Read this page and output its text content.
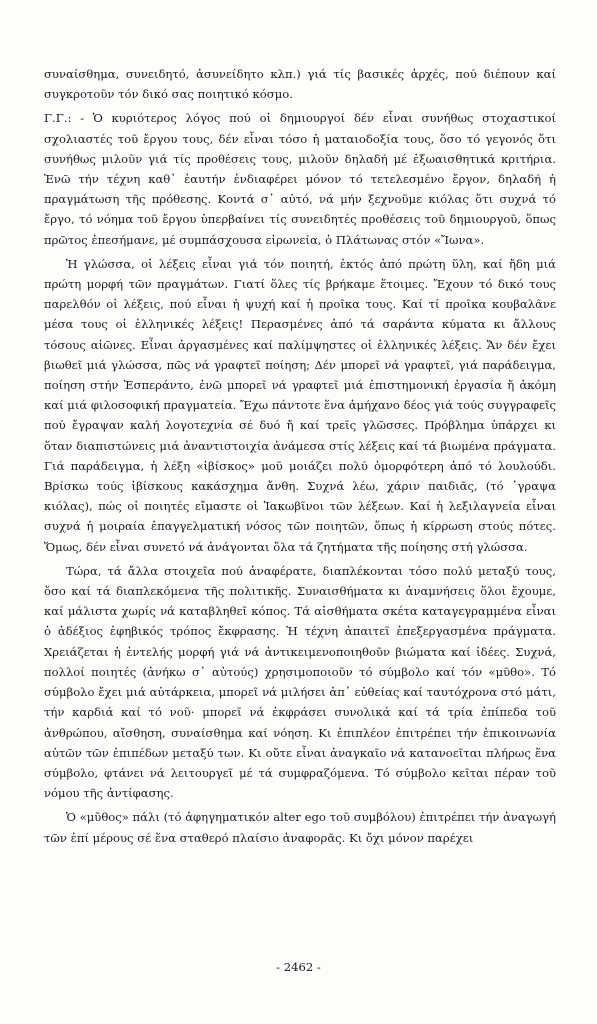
συναίσθημα, συνειδητό, ἀσυνείδητο κλπ.) γιά τίς βασικές ἀρχές, πού διέπουν καί συγκροτοῦν τόν δικό σας ποιητικό κόσμο.

Γ.Γ.: - Ὁ κυριότερος λόγος πού οἱ δημιουργοί δέν εἶναι συνήθως στοχαστικοί σχολιαστές τοῦ ἔργου τους, δέν εἶναι τόσο ἡ ματαιοδοξία τους, ὅσο τό γεγονός ὅτι συνήθως μιλοῦν γιά τίς προθέσεις τους, μιλοῦν δηλαδή μέ ἐξωαισθητικά κριτήρια. Ἐνῶ τήν τέχνη καθ᾿ ἑαυτήν ἐνδιαφέρει μόνον τό τετελεσμένο ἔργον, δηλαδή ἡ πραγμάτωση τῆς πρόθεσης. Κοντά σ᾿ αὐτό, νά μήν ξεχνοῦμε κιόλας ὅτι συχνά τό ἔργο, τό νόημα τοῦ ἔργου ὑπερβαίνει τίς συνειδητές προθέσεις τοῦ δημιουργοῦ, ὅπως πρῶτος ἐπεσήμανε, μέ συμπάσχουσα εἰρωνεία, ὁ Πλάτωνας στόν «Ἴωνα».

Ἡ γλώσσα, οἱ λέξεις εἶναι γιά τόν ποιητή, ἐκτός ἀπό πρώτη ὕλη, καί ἤδη μιά πρώτη μορφή τῶν πραγμάτων. Γιατί ὅλες τίς βρήκαμε ἕτοιμες. Ἔχουν τό δικό τους παρελθόν οἱ λέξεις, πού εἶναι ἡ ψυχή καί ἡ προῖκα τους. Καί τί προῖκα κουβαλᾶνε μέσα τους οἱ ἑλληνικές λέξεις! Περασμένες ἀπό τά σαράντα κύματα κι ἄλλους τόσους αἰῶνες. Εἶναι ἀργασμένες καί παλίμψηστες οἱ ἑλληνικές λέξεις. Ἄν δέν ἔχει βιωθεῖ μιά γλώσσα, πῶς νά γραφτεῖ ποίηση; Δέν μπορεῖ νά γραφτεῖ, γιά παράδειγμα, ποίηση στήν Ἐσπεράντο, ἐνῶ μπορεῖ νά γραφτεῖ μιά ἐπιστημονική ἐργασία ἤ ἀκόμη καί μιά φιλοσοφική πραγματεία. Ἔχω πάντοτε ἕνα ἀμήχανο δέος γιά τούς συγγραφεῖς πού ἔγραψαν καλή λογοτεχνία σέ δυό ἤ καί τρεῖς γλῶσσες. Πρόβλημα ὑπάρχει κι ὅταν διαπιστώνεις μιά ἀναντιστοιχία ἀνάμεσα στίς λέξεις καί τά βιωμένα πράγματα. Γιά παράδειγμα, ἡ λέξη «ἰβίσκος» μοῦ μοιάζει πολύ ὀμορφότερη ἀπό τό λουλούδι. Βρίσκω τούς ἰβίσκους κακάσχημα ἄνθη. Συχνά λέω, χάριν παιδιᾶς, (τό ᾿γραψα κιόλας), πώς οἱ ποιητές εἴμαστε οἱ Ἰακωβῖνοι τῶν λέξεων. Καί ἡ λεξιλαγνεία εἶναι συχνά ἡ μοιραία ἐπαγγελματική νόσος τῶν ποιητῶν, ὅπως ἡ κίρρωση στούς πότες. Ὅμως, δέν εἶναι συνετό νά ἀνάγονται ὅλα τά ζητήματα τῆς ποίησης στή γλώσσα.

Τώρα, τά ἄλλα στοιχεῖα πού ἀναφέρατε, διαπλέκονται τόσο πολύ μεταξύ τους, ὅσο καί τά διαπλεκόμενα τῆς πολιτικῆς. Συναισθήματα κι ἀναμνήσεις ὅλοι ἔχουμε, καί μάλιστα χωρίς νά καταβληθεῖ κόπος. Τά αἰσθήματα σκέτα καταγεγραμμένα εἶναι ὁ ἀδέξιος ἐφηβικός τρόπος ἔκφρασης. Ἡ τέχνη ἀπαιτεῖ ἐπεξεργασμένα πράγματα. Χρειάζεται ἡ ἐντελής μορφή γιά νά ἀντικειμενοποιηθοῦν βιώματα καί ἰδέες. Συχνά, πολλοί ποιητές (ἀνήκω σ᾿ αὐτούς) χρησιμοποιοῦν τό σύμβολο καί τόν «μῦθο». Τό σύμβολο ἔχει μιά αὐτάρκεια, μπορεῖ νά μιλήσει ἀπ᾿ εὐθείας καί ταυτόχρονα στό μάτι, τήν καρδιά καί τό νοῦ· μπορεῖ νά ἐκφράσει συνολικά καί τά τρία ἐπίπεδα τοῦ ἀνθρώπου, αἴσθηση, συναίσθημα καί νόηση. Κι ἐπιπλέον ἐπιτρέπει τήν ἐπικοινωνία αὐτῶν τῶν ἐπιπέδων μεταξύ των. Κι οὔτε εἶναι ἀναγκαῖο νά κατανοεῖται πλήρως ἕνα σύμβολο, φτάνει νά λειτουργεῖ μέ τά συμφραζόμενα. Τό σύμβολο κεῖται πέραν τοῦ νόμου τῆς ἀντίφασης.

Ὁ «μῦθος» πάλι (τό ἀφηγηματικόν alter ego τοῦ συμβόλου) ἐπιτρέπει τήν ἀναγωγή τῶν ἐπί μέρους σέ ἕνα σταθερό πλαίσιο ἀναφορᾶς. Κι ὄχι μόνον παρέχει

- 2462 -
